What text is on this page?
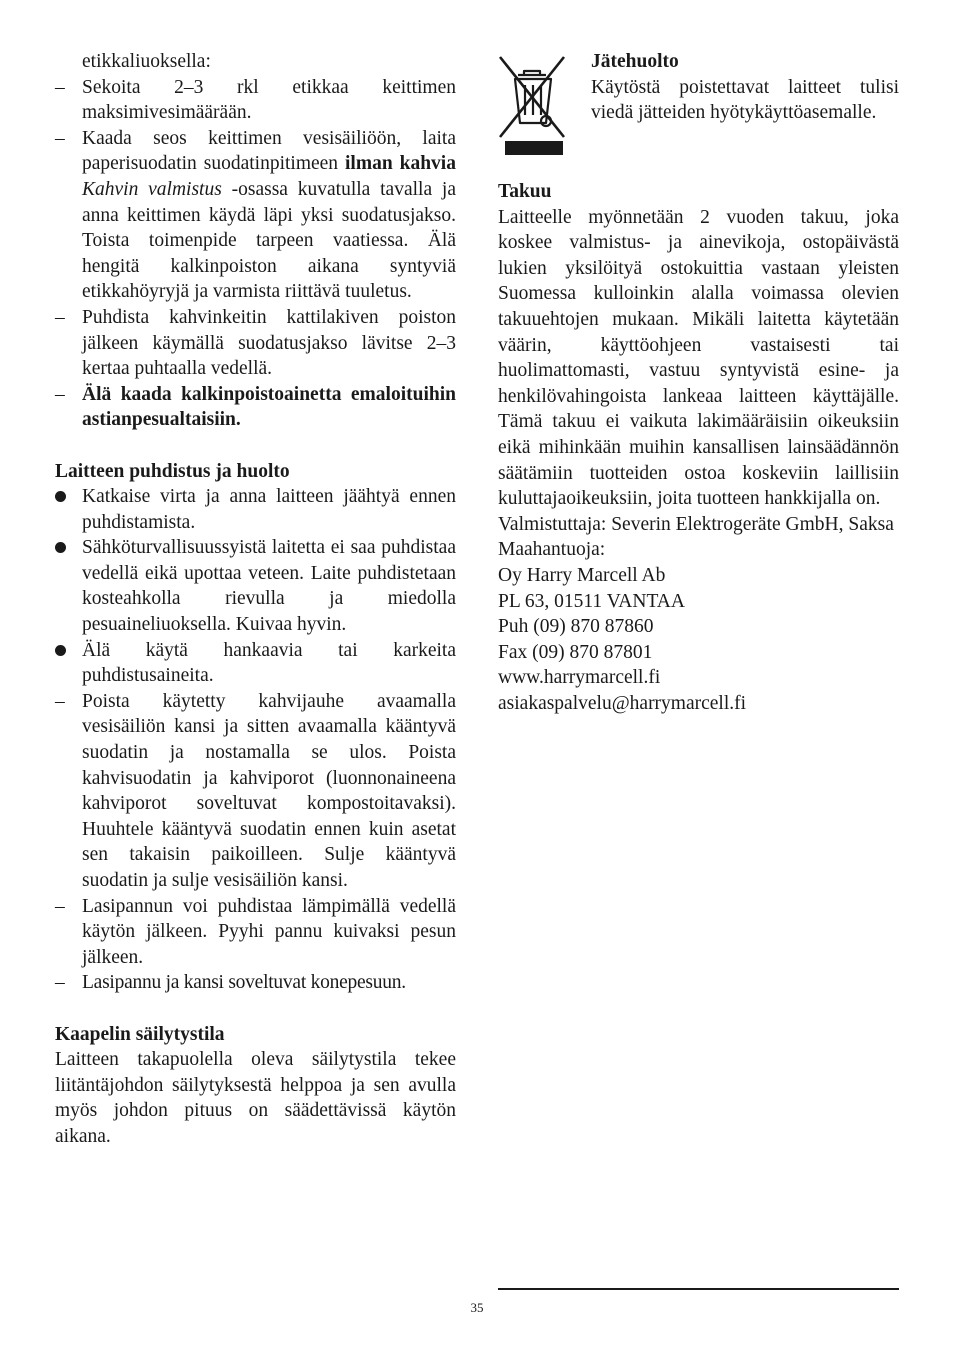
etikkaliuoksella:

– Sekoita 2–3 rkl etikkaa keittimen maksimivesimäärään.
– Kaada seos keittimen vesisäiliöön, laita paperisuodatin suodatinpitimeen ilman kahvia Kahvin valmistus -osassa kuvatulla tavalla ja anna keittimen käydä läpi yksi suodatusjakso. Toista toimenpide tarpeen vaatiessa. Älä hengitä kalkinpoiston aikana syntyviä etikkahöyryjä ja varmista riittävä tuuletus.
– Puhdista kahvinkeitin kattilakiven poiston jälkeen käymällä suodatusjakso lävitse 2–3 kertaa puhtaalla vedellä.
– Älä kaada kalkinpoistoainetta emaloituihin astianpesualtaisiin.

Laitteen puhdistus ja huolto

Katkaise virta ja anna laitteen jäähtyä ennen puhdistamista.
Sähköturvallisuussyistä laitetta ei saa puhdistaa vedellä eikä upottaa veteen. Laite puhdistetaan kosteahkolla rievulla ja miedolla pesuaineliuoksella. Kuivaa hyvin.
Älä käytä hankaavia tai karkeita puhdistusaineita.
– Poista käytetty kahvijauhe avaamalla vesisäiliön kansi ja sitten avaamalla kääntyvä suodatin ja nostamalla se ulos. Poista kahvisuodatin ja kahviporot (luonnonaineena kahviporot soveltuvat kompostoitavaksi). Huuhtele kääntyvä suodatin ennen kuin asetat sen takaisin paikoilleen. Sulje kääntyvä suodatin ja sulje vesisäiliön kansi.
– Lasipannun voi puhdistaa lämpimällä vedellä käytön jälkeen. Pyyhi pannu kuivaksi pesun jälkeen.
– Lasipannu ja kansi soveltuvat konepesuun.

Kaapelin säilytystila

Laitteen takapuolella oleva säilytystila tekee liitäntäjohdon säilytyksestä helppoa ja sen avulla myös johdon pituus on säädettävissä käytön aikana.

Jätehuolto

Käytöstä poistettavat laitteet tulisi viedä jätteiden hyötykäyttöasemalle.

Takuu

Laitteelle myönnetään 2 vuoden takuu, joka koskee valmistus- ja ainevikoja, ostopäivästä lukien yksilöityä ostokuittia vastaan yleisten Suomessa kulloinkin alalla voimassa olevien takuuehtojen mukaan. Mikäli laitetta käytetään väärin, käyttöohjeen vastaisesti tai huolimattomasti, vastuu syntyvistä esine- ja henkilövahingoista lankeaa laitteen käyttäjälle. Tämä takuu ei vaikuta lakimääräisiin oikeuksiin eikä mihinkään muihin kansallisen lainsäädännön säätämiin tuotteiden ostoa koskeviin laillisiin kuluttajaoikeuksiin, joita tuotteen hankkijalla on.

Valmistuttaja: Severin Elektrogeräte GmbH, Saksa

Maahantuoja:

Oy Harry Marcell Ab

PL 63, 01511 VANTAA

Puh (09) 870 87860

Fax (09) 870 87801

www.harrymarcell.fi

asiakaspalvelu@harrymarcell.fi

35
